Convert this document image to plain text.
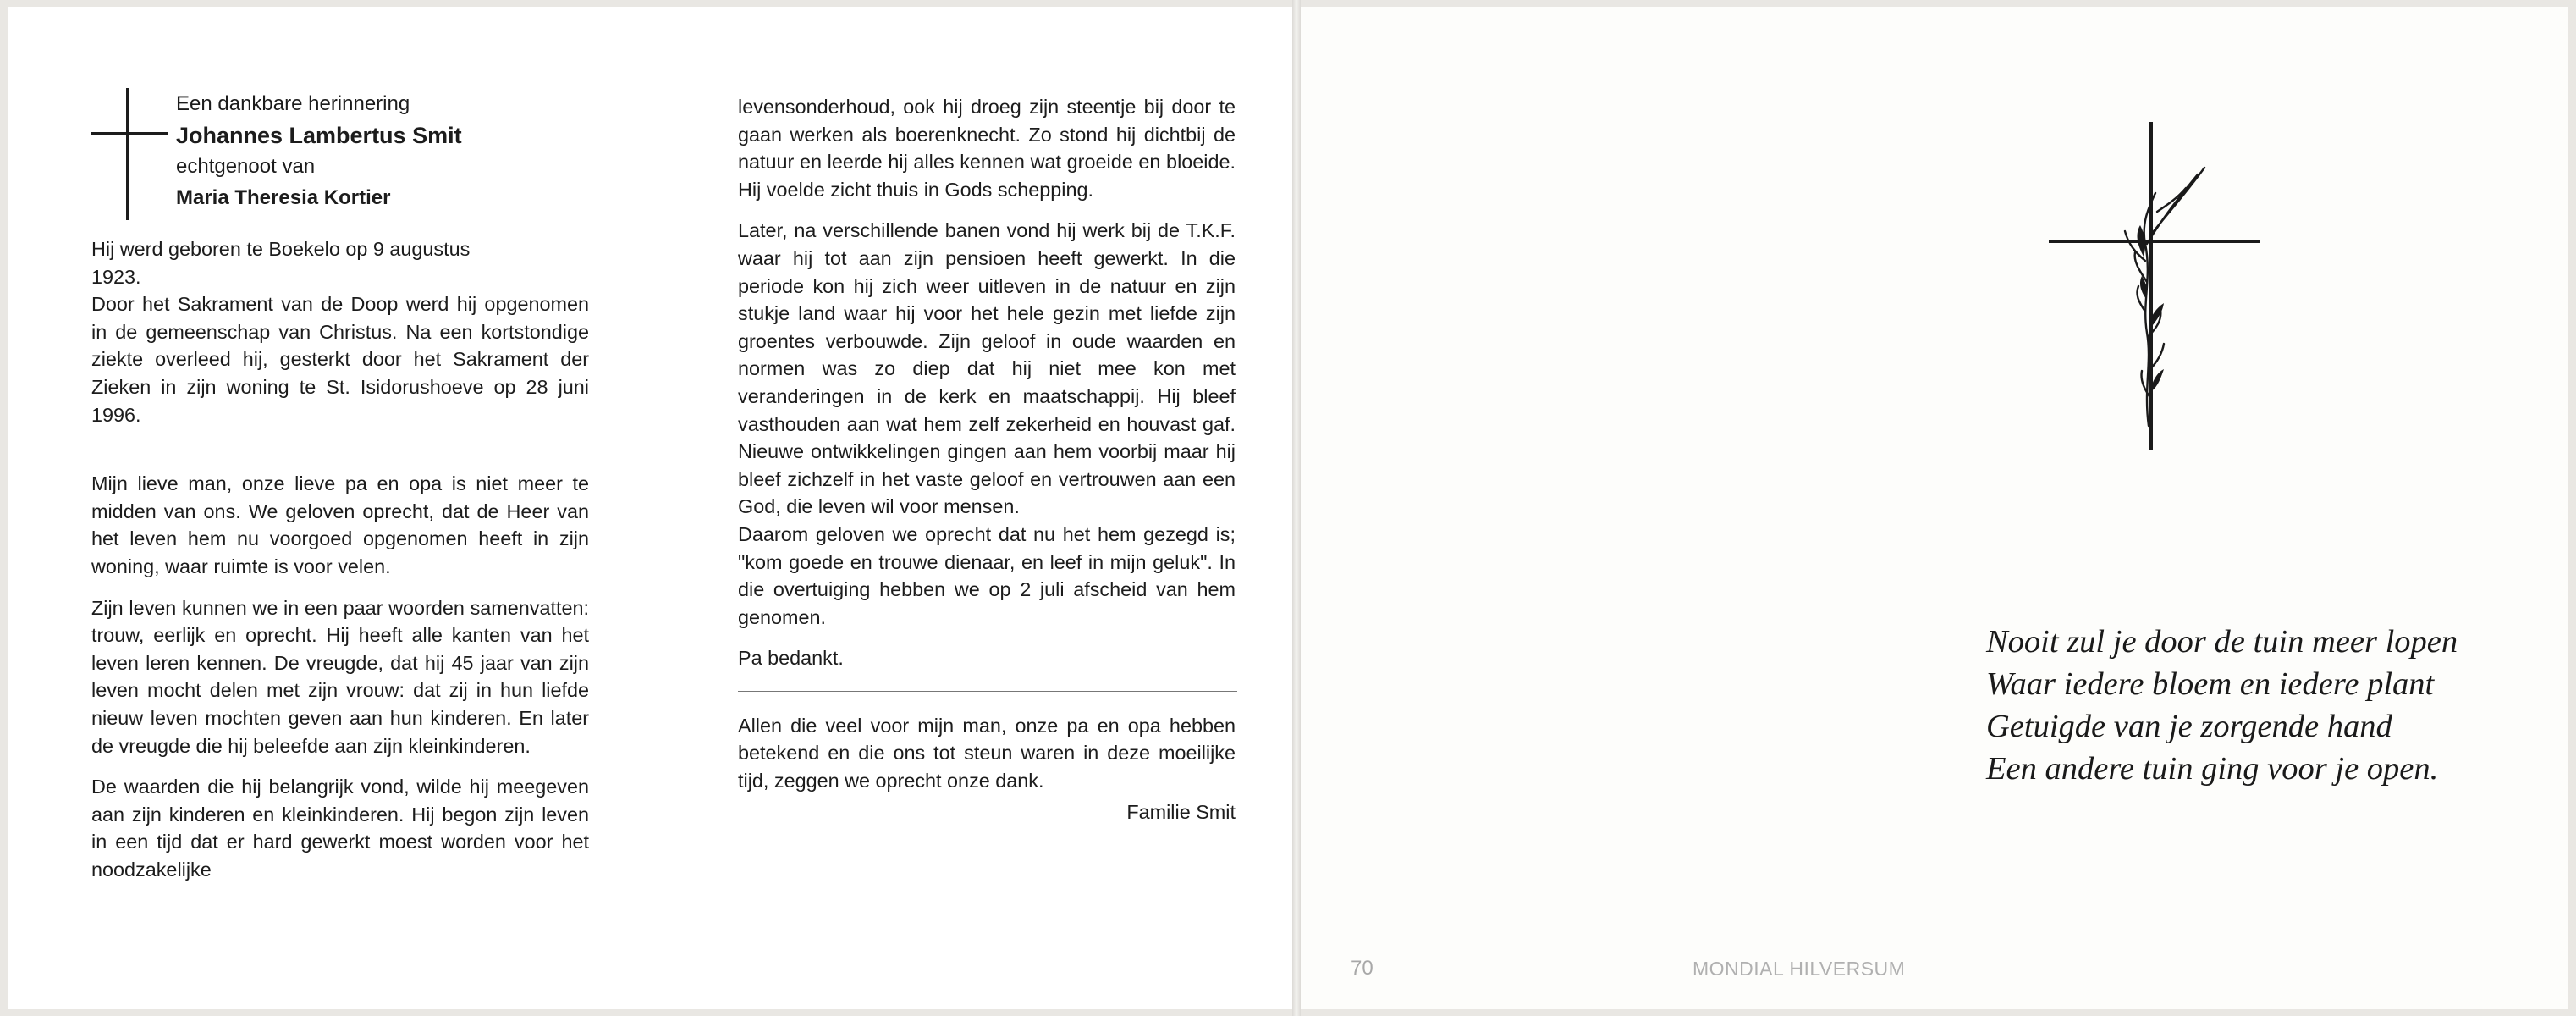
Een dankbare herinnering
Johannes Lambertus Smit
echtgenoot van
Maria Theresia Kortier

Hij werd geboren te Boekelo op 9 augustus

1923.

Door het Sakrament van de Doop werd hij opgenomen in de gemeenschap van Christus. Na een kortstondige ziekte overleed hij, gesterkt door het Sakrament der Zieken in zijn woning te St. Isidorushoeve op 28 juni 1996.

Mijn lieve man, onze lieve pa en opa is niet meer te midden van ons. We geloven oprecht, dat de Heer van het leven hem nu voorgoed opgenomen heeft in zijn woning, waar ruimte is voor velen.

Zijn leven kunnen we in een paar woorden samenvatten: trouw, eerlijk en oprecht. Hij heeft alle kanten van het leven leren kennen. De vreugde, dat hij 45 jaar van zijn leven mocht delen met zijn vrouw: dat zij in hun liefde nieuw leven mochten geven aan hun kinderen. En later de vreugde die hij beleefde aan zijn kleinkinderen.

De waarden die hij belangrijk vond, wilde hij meegeven aan zijn kinderen en kleinkinderen. Hij begon zijn leven in een tijd dat er hard gewerkt moest worden voor het noodzakelijke

levensonderhoud, ook hij droeg zijn steentje bij door te gaan werken als boerenknecht. Zo stond hij dichtbij de natuur en leerde hij alles kennen wat groeide en bloeide. Hij voelde zicht thuis in Gods schepping.

Later, na verschillende banen vond hij werk bij de T.K.F. waar hij tot aan zijn pensioen heeft gewerkt. In die periode kon hij zich weer uitleven in de natuur en zijn stukje land waar hij voor het hele gezin met liefde zijn groentes verbouwde. Zijn geloof in oude waarden en normen was zo diep dat hij niet mee kon met veranderingen in de kerk en maatschappij. Hij bleef vasthouden aan wat hem zelf zekerheid en houvast gaf. Nieuwe ontwikkelingen gingen aan hem voorbij maar hij bleef zichzelf in het vaste geloof en vertrouwen aan een God, die leven wil voor mensen.

Daarom geloven we oprecht dat nu het hem gezegd is; "kom goede en trouwe dienaar, en leef in mijn geluk". In die overtuiging hebben we op 2 juli afscheid van hem genomen.

Pa bedankt.

Allen die veel voor mijn man, onze pa en opa hebben betekend en die ons tot steun waren in deze moeilijke tijd, zeggen we oprecht onze dank.

Familie Smit
Nooit zul je door de tuin meer lopen
Waar iedere bloem en iedere plant
Getuigde van je zorgende hand
Een andere tuin ging voor je open.
70	MONDIAL HILVERSUM
